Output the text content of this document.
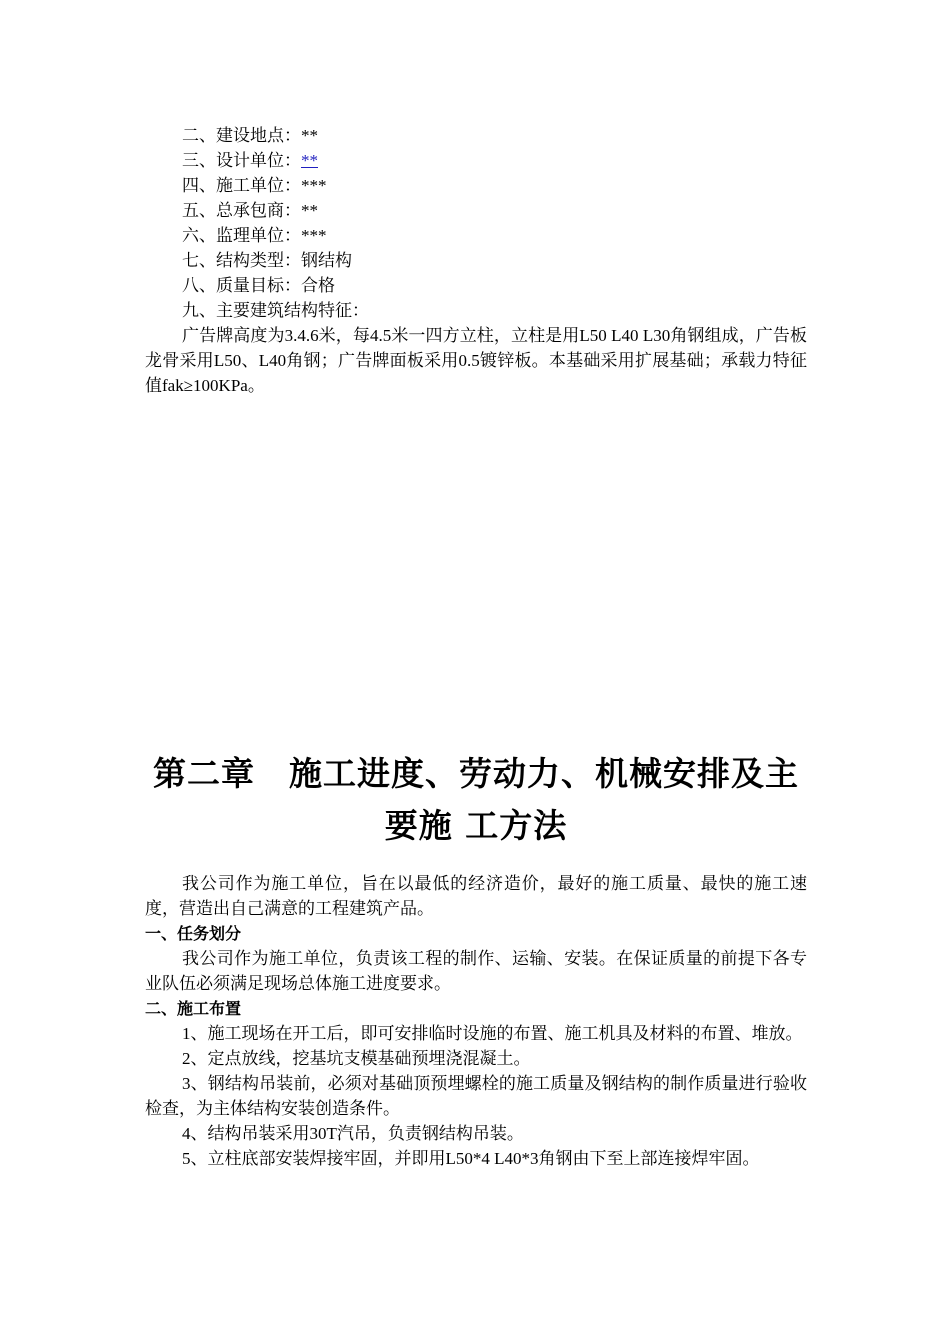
二、建设地点：**
三、设计单位：**
四、施工单位：***
五、总承包商：**
六、监理单位：***
七、结构类型：钢结构
八、质量目标：合格
九、主要建筑结构特征：

广告牌高度为3.4.6米，每4.5米一四方立柱，立柱是用L50 L40 L30角钢组成，广告板龙骨采用L50、L40角钢；广告牌面板采用0.5镀锌板。本基础采用扩展基础；承载力特征值fak≥100KPa。

第二章　施工进度、劳动力、机械安排及主
要施 工方法

我公司作为施工单位，旨在以最低的经济造价，最好的施工质量、最快的施工速度，营造出自己满意的工程建筑产品。

一、任务划分

我公司作为施工单位，负责该工程的制作、运输、安装。在保证质量的前提下各专业队伍必须满足现场总体施工进度要求。

二、施工布置

1、施工现场在开工后，即可安排临时设施的布置、施工机具及材料的布置、堆放。

2、定点放线，挖基坑支模基础预埋浇混凝土。

3、钢结构吊装前，必须对基础顶预埋螺栓的施工质量及钢结构的制作质量进行验收检查，为主体结构安装创造条件。

4、结构吊装采用30T汽吊，负责钢结构吊装。

5、立柱底部安装焊接牢固，并即用L50*4 L40*3角钢由下至上部连接焊牢固。
